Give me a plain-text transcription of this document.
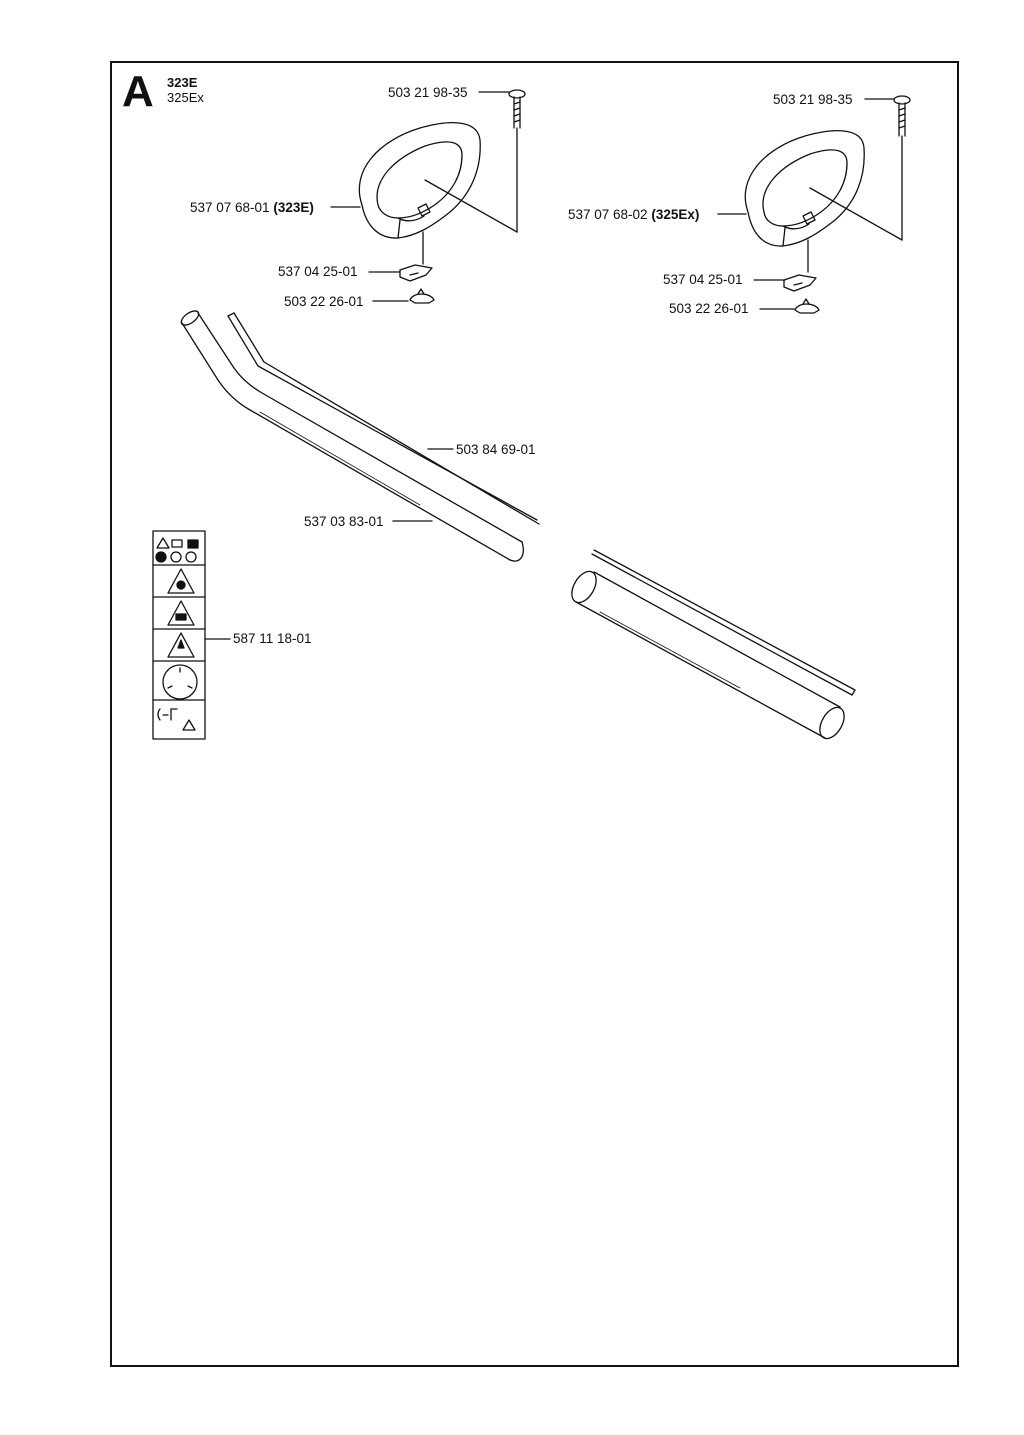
A 323E
325Ex	503 21 98-35
537 07 68-01 (323E)
537 04 25-01
503 22 26-01
503 21 98-35
537 07 68-02 (325Ex)
537 04 25-01
503 22 26-01
503 84 69-01
537 03 83-01
587 11 18-01
